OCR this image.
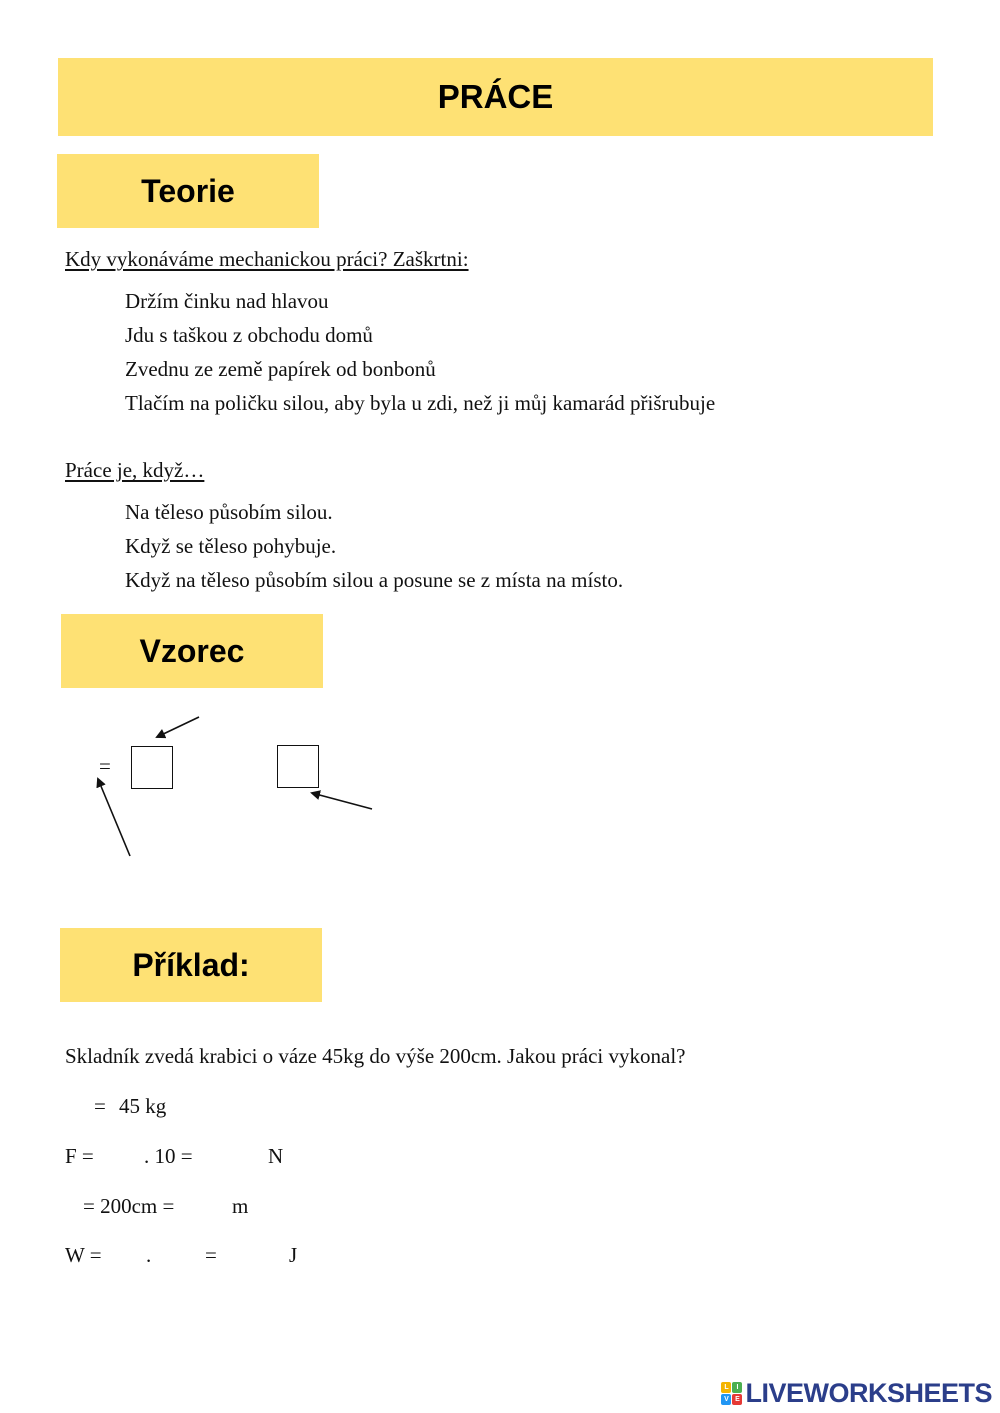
PRÁCE
Teorie
Kdy vykonáváme mechanickou práci? Zaškrtni:
Držím činku nad hlavou
Jdu s taškou z obchodu domů
Zvednu ze země papírek od bonbonů
Tlačím na poličku silou, aby byla u zdi, než ji můj kamarád přišrubuje
Práce je, když…
Na těleso působím silou.
Když se těleso pohybuje.
Když na těleso působím silou a posune se z místa na místo.
Vzorec
=
Příklad:
Skladník zvedá krabici o váze 45kg do výše 200cm. Jakou práci vykonal?
= 45 kg
F = . 10 =	N
= 200cm =	m
W = .	=	J
L	I
V E LIVEWORKSHEETS
